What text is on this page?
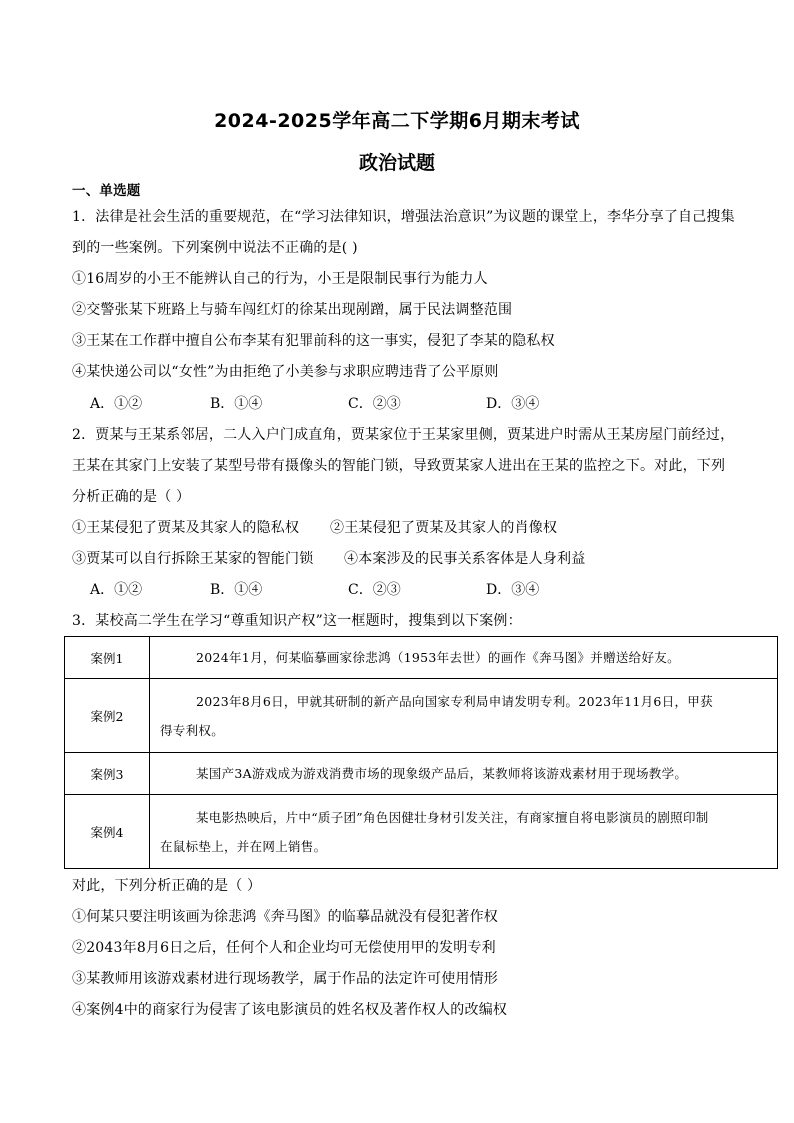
2024-2025学年高二下学期6月期末考试
政治试题
一、单选题
1．法律是社会生活的重要规范，在“学习法律知识，增强法治意识”为议题的课堂上，李华分享了自己搜集
到的一些案例。下列案例中说法不正确的是( )
①16周岁的小王不能辨认自己的行为，小王是限制民事行为能力人
②交警张某下班路上与骑车闯红灯的徐某出现剐蹭，属于民法调整范围
③王某在工作群中擅自公布李某有犯罪前科的这一事实，侵犯了李某的隐私权
④某快递公司以“女性”为由拒绝了小美参与求职应聘违背了公平原则
A．①②	B．①④	C．②③	D．③④
2．贾某与王某系邻居，二人入户门成直角，贾某家位于王某家里侧，贾某进户时需从王某房屋门前经过，
王某在其家门上安装了某型号带有摄像头的智能门锁，导致贾某家人进出在王某的监控之下。对此，下列
分析正确的是（ ）
①王某侵犯了贾某及其家人的隐私权 ②王某侵犯了贾某及其家人的肖像权
③贾某可以自行拆除王某家的智能门锁 ④本案涉及的民事关系客体是人身利益
A．①②	B．①④	C．②③	D．③④
3．某校高二学生在学习“尊重知识产权”这一框题时，搜集到以下案例：
案例1	2024年1月，何某临摹画家徐悲鸿（1953年去世）的画作《奔马图》并赠送给好友。
案例2	2023年8月6日，甲就其研制的新产品向国家专利局申请发明专利。2023年11月6日，甲获
得专利权。
案例3	某国产3A游戏成为游戏消费市场的现象级产品后，某教师将该游戏素材用于现场教学。
案例4	某电影热映后，片中“质子团”角色因健壮身材引发关注，有商家擅自将电影演员的剧照印制
在鼠标垫上，并在网上销售。
对此，下列分析正确的是（ ）
①何某只要注明该画为徐悲鸿《奔马图》的临摹品就没有侵犯著作权
②2043年8月6日之后，任何个人和企业均可无偿使用甲的发明专利
③某教师用该游戏素材进行现场教学，属于作品的法定许可使用情形
④案例4中的商家行为侵害了该电影演员的姓名权及著作权人的改编权
